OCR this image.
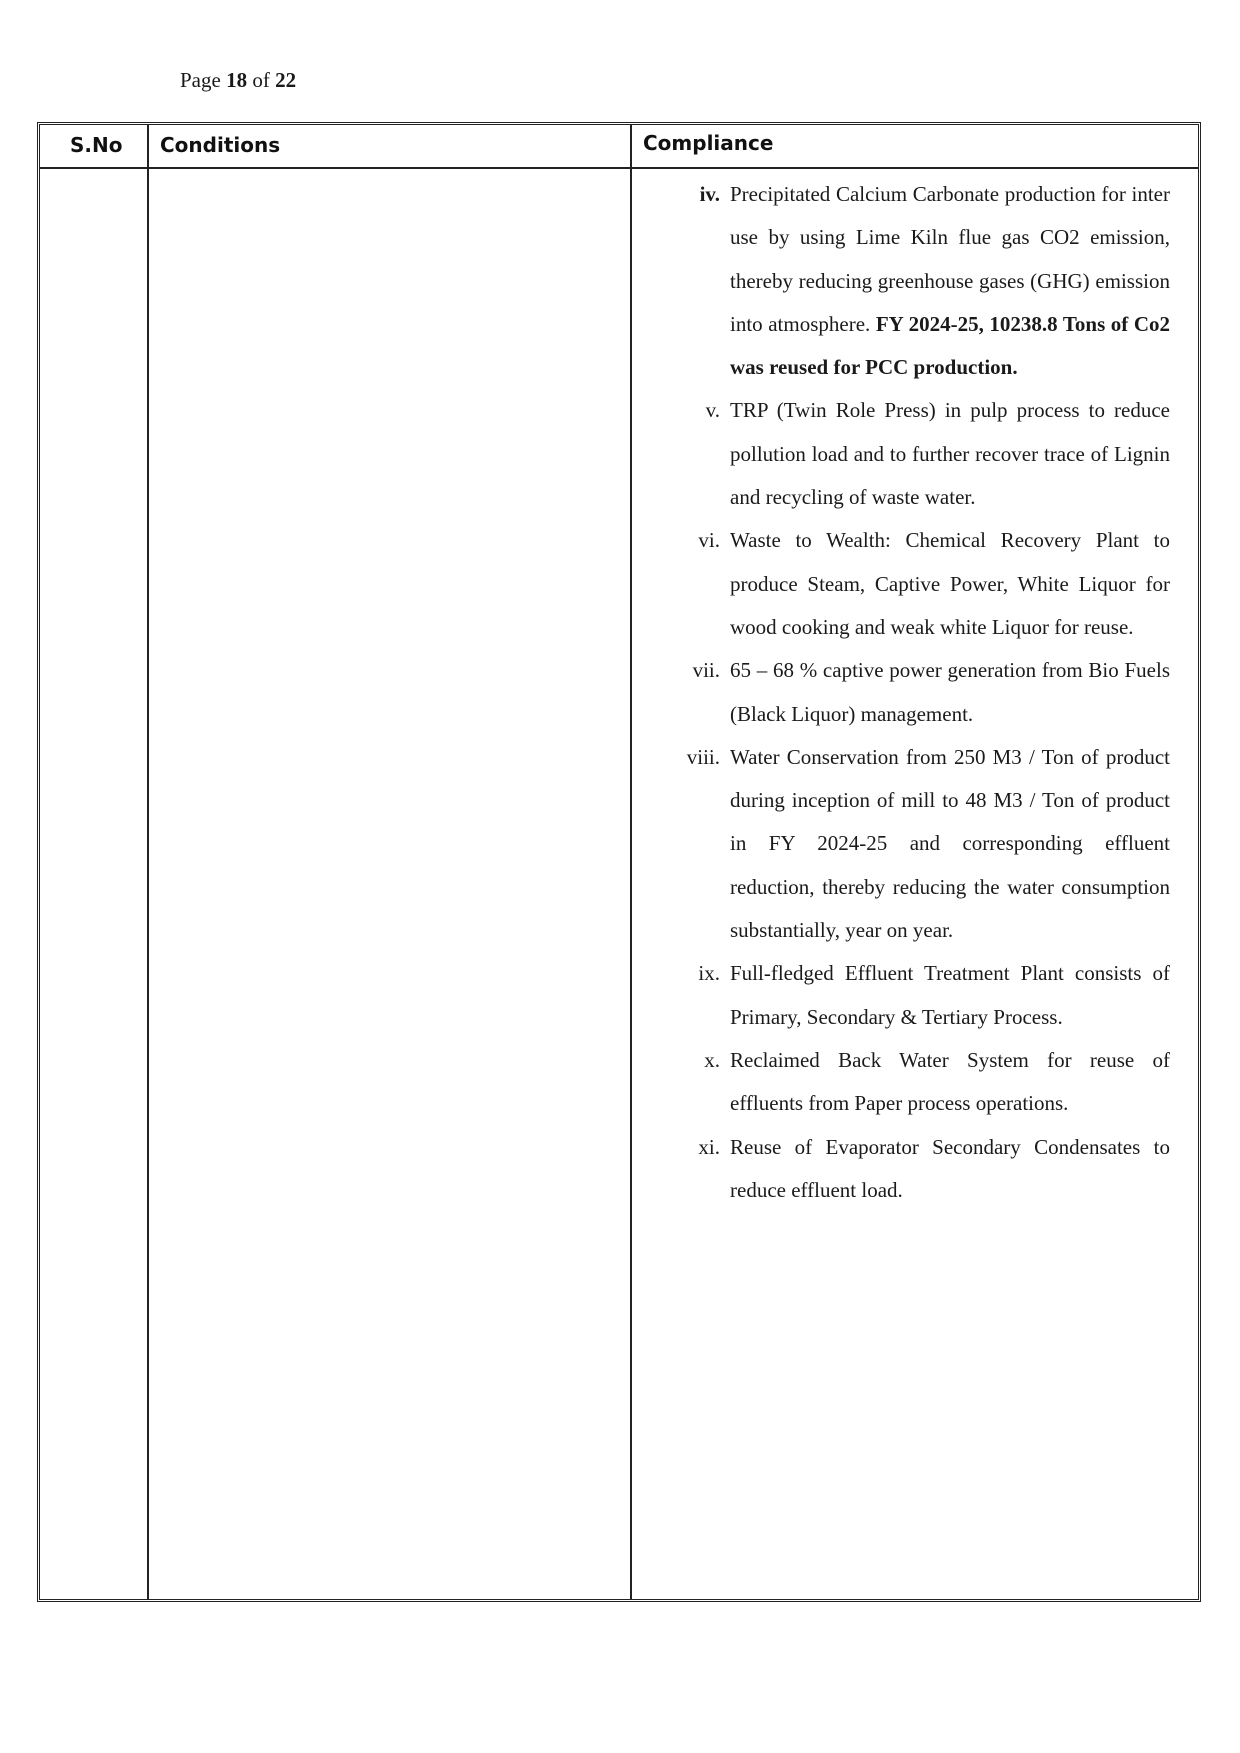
Page 18 of 22
S.No Conditions	Compliance
iv. Precipitated Calcium Carbonate production for inter use by using Lime Kiln flue gas CO2 emission, thereby reducing greenhouse gases (GHG) emission into atmosphere. FY 2024-25, 10238.8 Tons of Co2 was reused for PCC production.
v. TRP (Twin Role Press) in pulp process to reduce pollution load and to further recover trace of Lignin and recycling of waste water.
vi. Waste to Wealth: Chemical Recovery Plant to produce Steam, Captive Power, White Liquor for wood cooking and weak white Liquor for reuse.
vii. 65 – 68 % captive power generation from Bio Fuels (Black Liquor) management.
viii. Water Conservation from 250 M3 / Ton of product during inception of mill to 48 M3 / Ton of product in FY 2024-25 and corresponding effluent reduction, thereby reducing the water consumption substantially, year on year.
ix. Full-fledged Effluent Treatment Plant consists of Primary, Secondary & Tertiary Process.
x. Reclaimed Back Water System for reuse of effluents from Paper process operations.
xi. Reuse of Evaporator Secondary Condensates to reduce effluent load.
